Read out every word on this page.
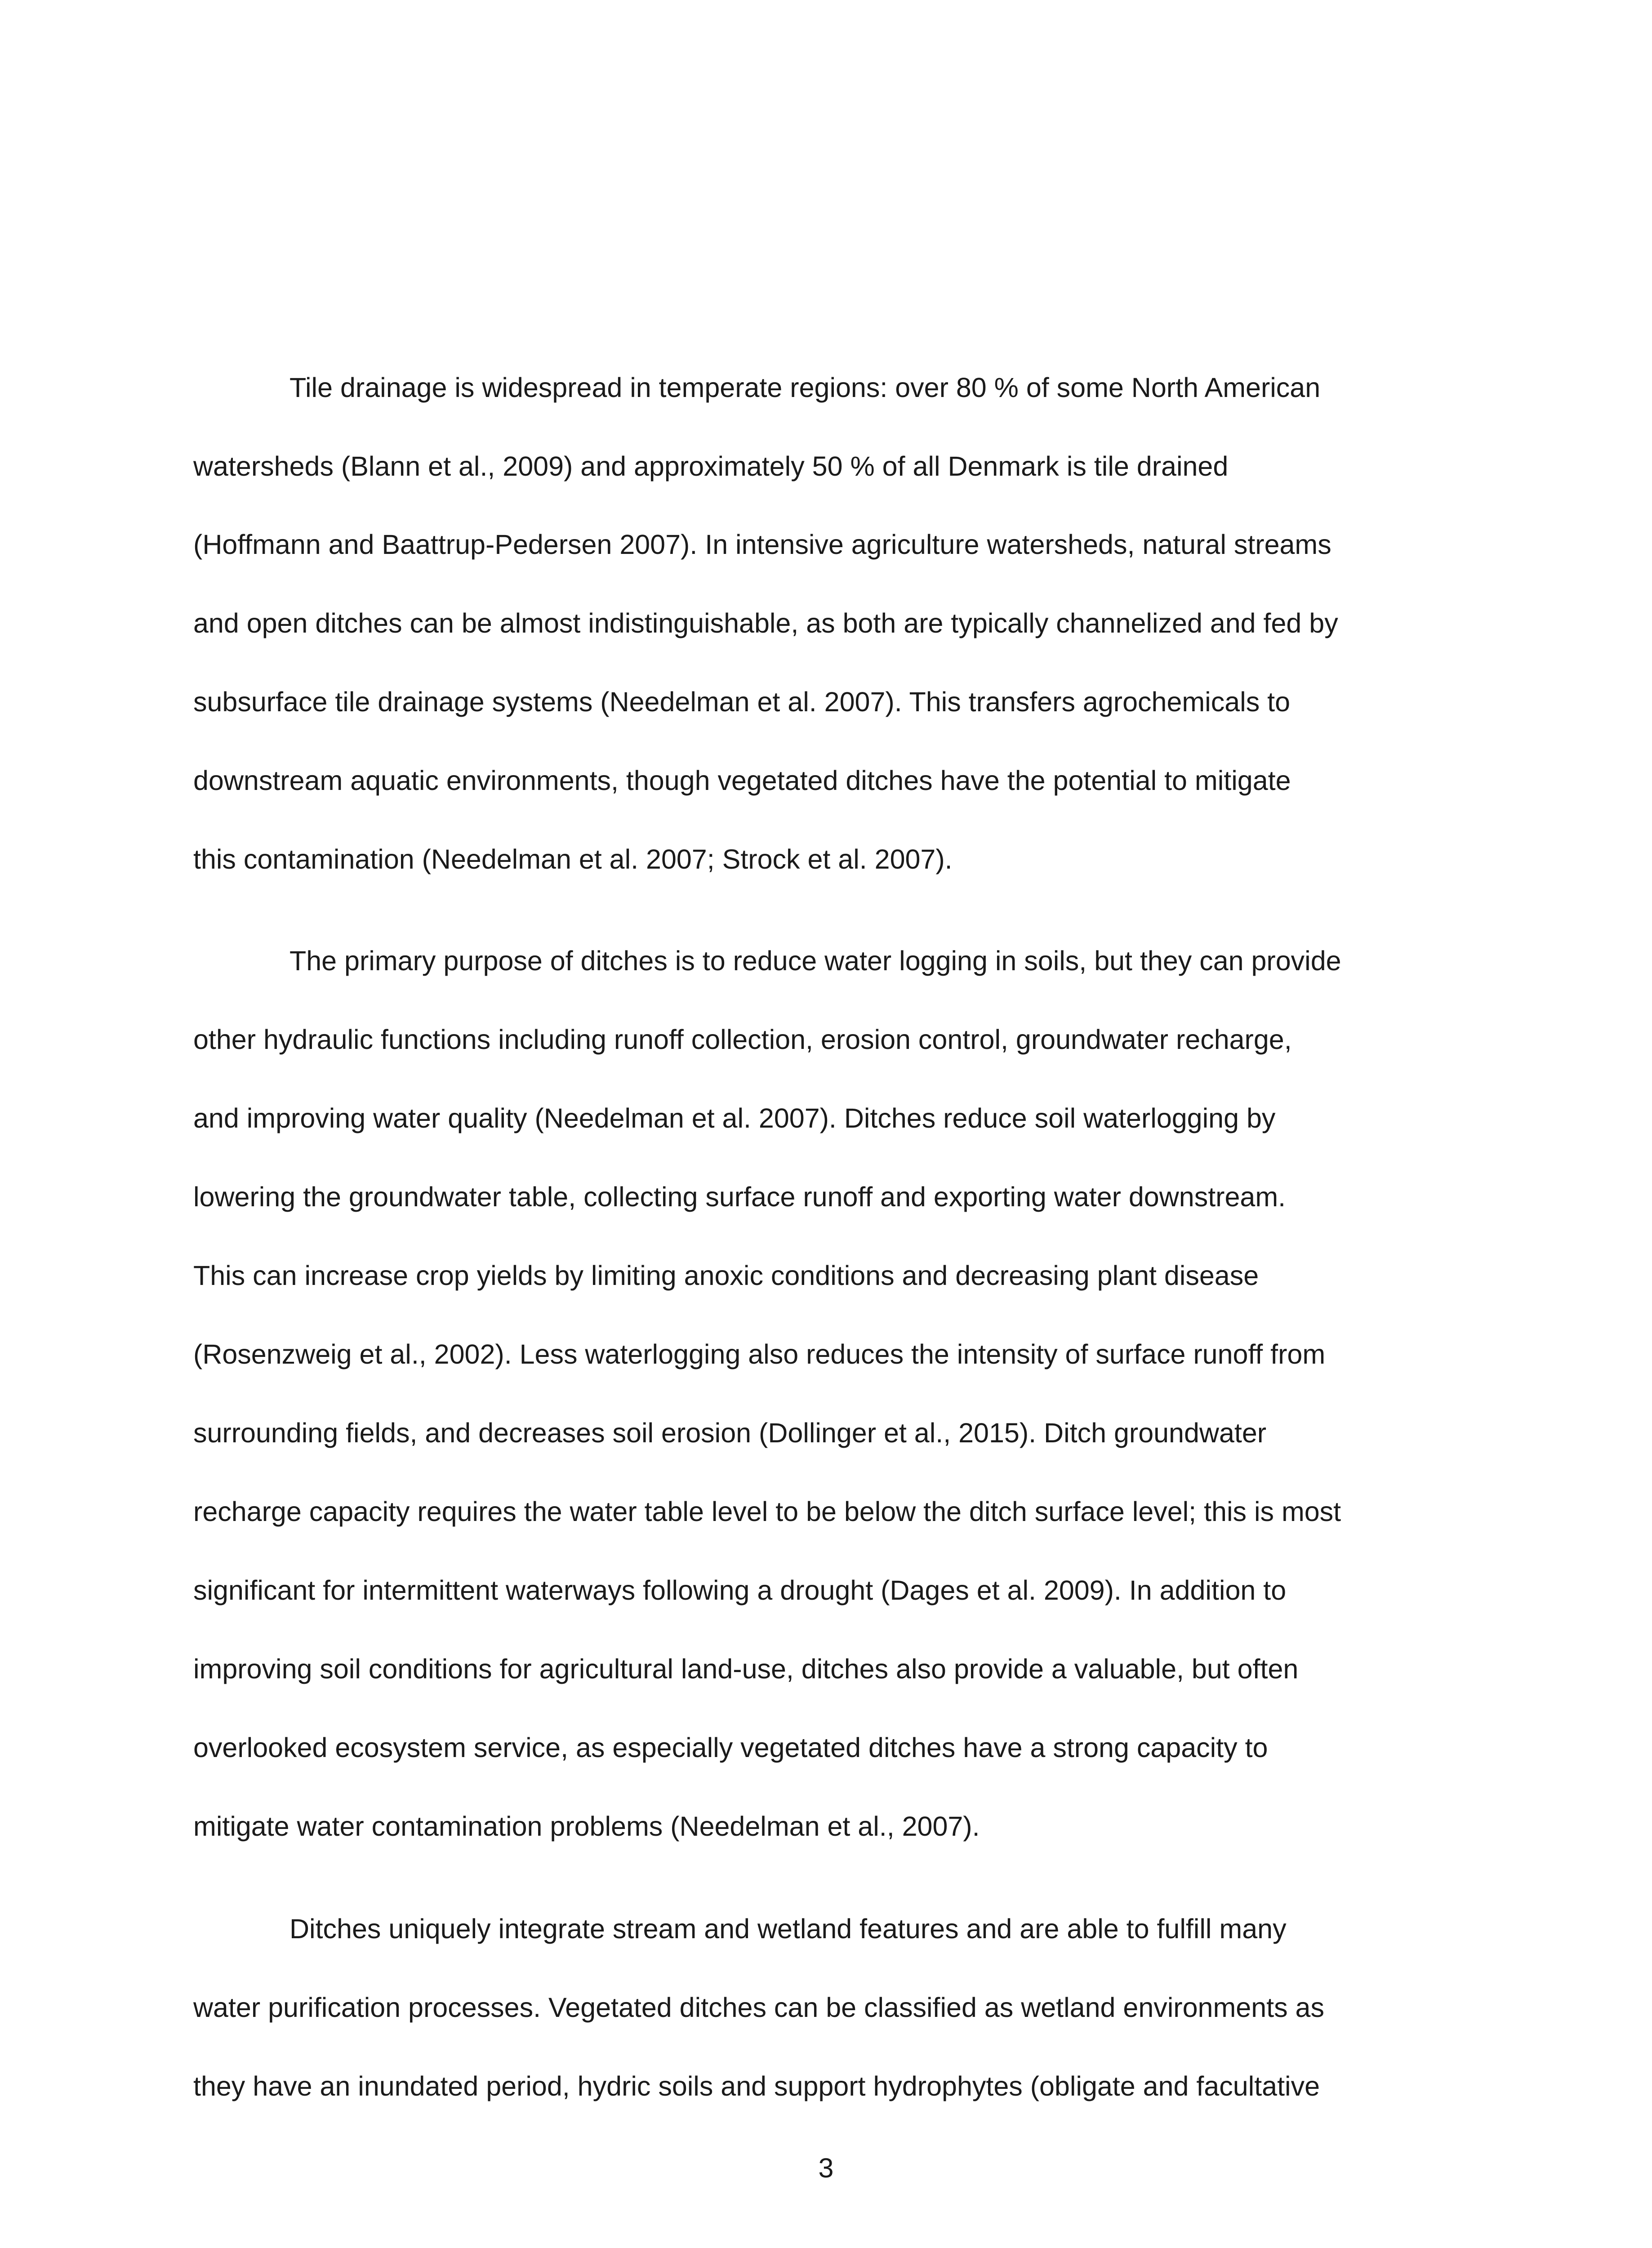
Tile drainage is widespread in temperate regions: over 80 % of some North American
watersheds (Blann et al., 2009) and approximately 50 % of all Denmark is tile drained
(Hoffmann and Baattrup-Pedersen 2007). In intensive agriculture watersheds, natural streams
and open ditches can be almost indistinguishable, as both are typically channelized and fed by
subsurface tile drainage systems (Needelman et al. 2007). This transfers agrochemicals to
downstream aquatic environments, though vegetated ditches have the potential to mitigate
this contamination (Needelman et al. 2007; Strock et al. 2007).
The primary purpose of ditches is to reduce water logging in soils, but they can provide
other hydraulic functions including runoff collection, erosion control, groundwater recharge,
and improving water quality (Needelman et al. 2007). Ditches reduce soil waterlogging by
lowering the groundwater table, collecting surface runoff and exporting water downstream.
This can increase crop yields by limiting anoxic conditions and decreasing plant disease
(Rosenzweig et al., 2002). Less waterlogging also reduces the intensity of surface runoff from
surrounding fields, and decreases soil erosion (Dollinger et al., 2015). Ditch groundwater
recharge capacity requires the water table level to be below the ditch surface level; this is most
significant for intermittent waterways following a drought (Dages et al. 2009). In addition to
improving soil conditions for agricultural land-use, ditches also provide a valuable, but often
overlooked ecosystem service, as especially vegetated ditches have a strong capacity to
mitigate water contamination problems (Needelman et al., 2007).
Ditches uniquely integrate stream and wetland features and are able to fulfill many
water purification processes. Vegetated ditches can be classified as wetland environments as
they have an inundated period, hydric soils and support hydrophytes (obligate and facultative
3
